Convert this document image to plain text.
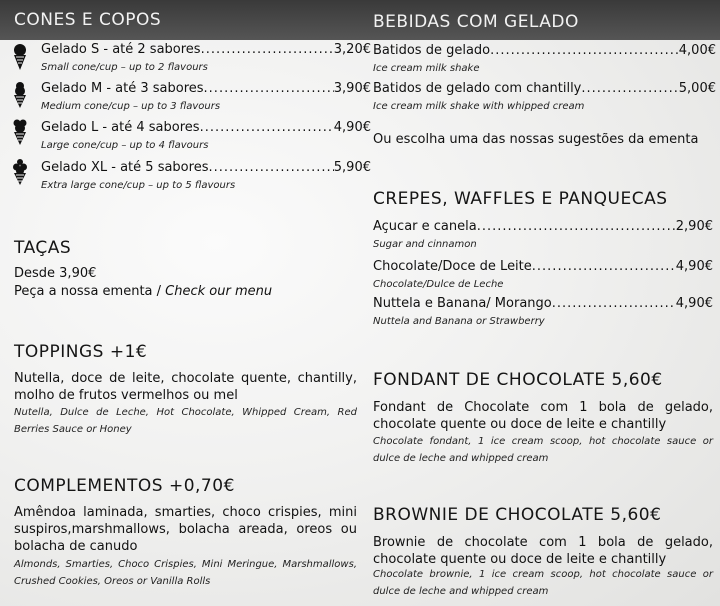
CONES E COPOS
Gelado S - até 2 sabores .....	3,20€
Small cone/cup – up to 2 flavours
Gelado M - até 3 sabores .....	3,90€
Medium cone/cup – up to 3 flavours
Gelado L - até 4 sabores .....	4,90€
Large cone/cup – up to 4 flavours
Gelado XL - até 5 sabores .....	5,90€
Extra large cone/cup – up to 5 flavours
TAÇAS
Desde 3,90€
Peça a nossa ementa / Check our menu
TOPPINGS +1€
Nutella, doce de leite, chocolate quente, chantilly, molho de frutos vermelhos ou mel
Nutella, Dulce de Leche, Hot Chocolate, Whipped Cream, Red Berries Sauce or Honey
COMPLEMENTOS +0,70€
Amêndoa laminada, smarties, choco crispies, mini suspiros,marshmallows, bolacha areada, oreos ou bolacha de canudo
Almonds, Smarties, Choco Crispies, Mini Meringue, Marshmallows, Crushed Cookies, Oreos or Vanilla Rolls
BEBIDAS COM GELADO
Batidos de gelado .....	4,00€
Ice cream milk shake
Batidos de gelado com chantilly .....	5,00€
Ice cream milk shake with whipped cream
Ou escolha uma das nossas sugestões da ementa
CREPES, WAFFLES E PANQUECAS
Açucar e canela .....	2,90€
Sugar and cinnamon
Chocolate/Doce de Leite .....	4,90€
Chocolate/Dulce de Leche
Nuttela e Banana/ Morango .....	4,90€
Nuttela and Banana or Strawberry
FONDANT DE CHOCOLATE 5,60€
Fondant de Chocolate com 1 bola de gelado, chocolate quente ou doce de leite e chantilly
Chocolate fondant, 1 ice cream scoop, hot chocolate sauce or dulce de leche and whipped cream
BROWNIE DE CHOCOLATE 5,60€
Brownie de chocolate com 1 bola de gelado, chocolate quente ou doce de leite e chantilly
Chocolate brownie, 1 ice cream scoop, hot chocolate sauce or dulce de leche and whipped cream
